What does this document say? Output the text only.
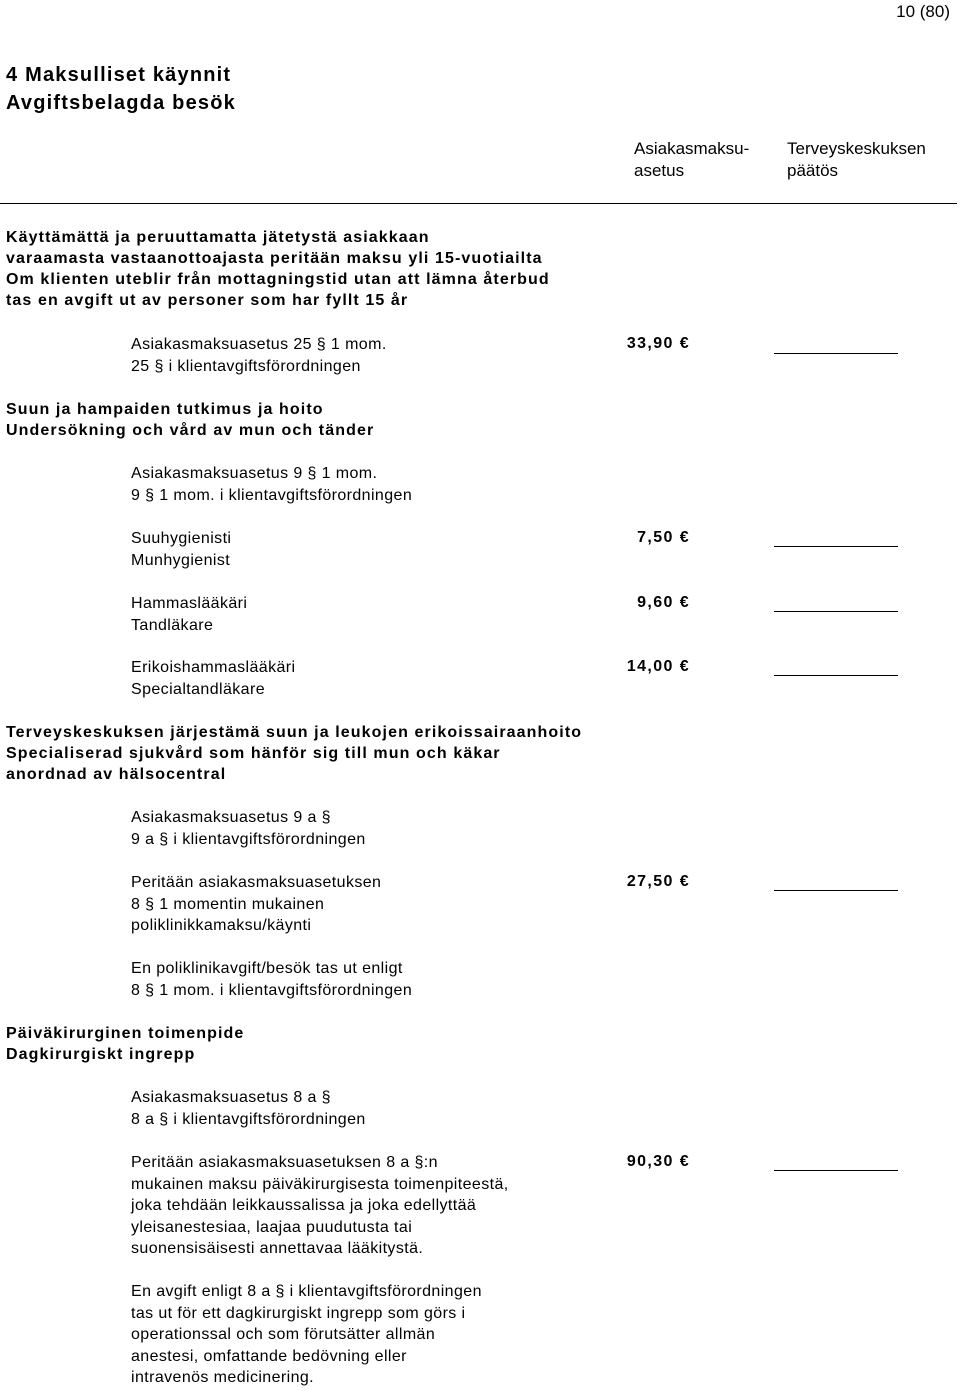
10 (80)
4 Maksulliset käynnit
Avgiftsbelagda besök
Asiakasmaksu-
asetus
Terveyskeskuksen
päätös
Käyttämättä ja peruuttamatta jätetystä asiakkaan
varaamasta vastaanottoajasta peritään maksu yli 15-vuotiailta
Om klienten uteblir från mottagningstid utan att lämna återbud
tas en avgift ut av personer som har fyllt 15 år
Asiakasmaksuasetus 25 § 1 mom.
25 § i klientavgiftsförordningen
33,90 €
Suun ja hampaiden tutkimus ja hoito
Undersökning och vård av mun och tänder
Asiakasmaksuasetus 9 § 1 mom.
9 § 1 mom. i klientavgiftsförordningen
Suuhygienisti
Munhygienist
7,50 €
Hammaslääkäri
Tandläkare
9,60 €
Erikoishammaslääkäri
Specialtandläkare
14,00 €
Terveyskeskuksen järjestämä suun ja leukojen erikoissairaanhoito
Specialiserad sjukvård som hänför sig till mun och käkar
anordnad av hälsocentral
Asiakasmaksuasetus 9 a §
9 a § i klientavgiftsförordningen
Peritään asiakasmaksuasetuksen
8 § 1 momentin mukainen
poliklinikkamaksu/käynti
27,50 €
En poliklinikavgift/besök tas ut enligt
8 § 1 mom. i klientavgiftsförordningen
Päiväkirurginen toimenpide
Dagkirurgiskt ingrepp
Asiakasmaksuasetus 8 a §
8 a § i klientavgiftsförordningen
Peritään asiakasmaksuasetuksen 8 a §:n
mukainen maksu päiväkirurgisesta toimenpiteestä,
joka tehdään leikkaussalissa ja joka edellyttää
yleisanestesiaa, laajaa puudutusta tai
suonensisäisesti annettavaa lääkitystä.
90,30 €
En avgift enligt 8 a § i klientavgiftsförordningen
tas ut för ett dagkirurgiskt ingrepp som görs i
operationssal och som förutsätter allmän
anestesi, omfattande bedövning eller
intravenös medicinering.
